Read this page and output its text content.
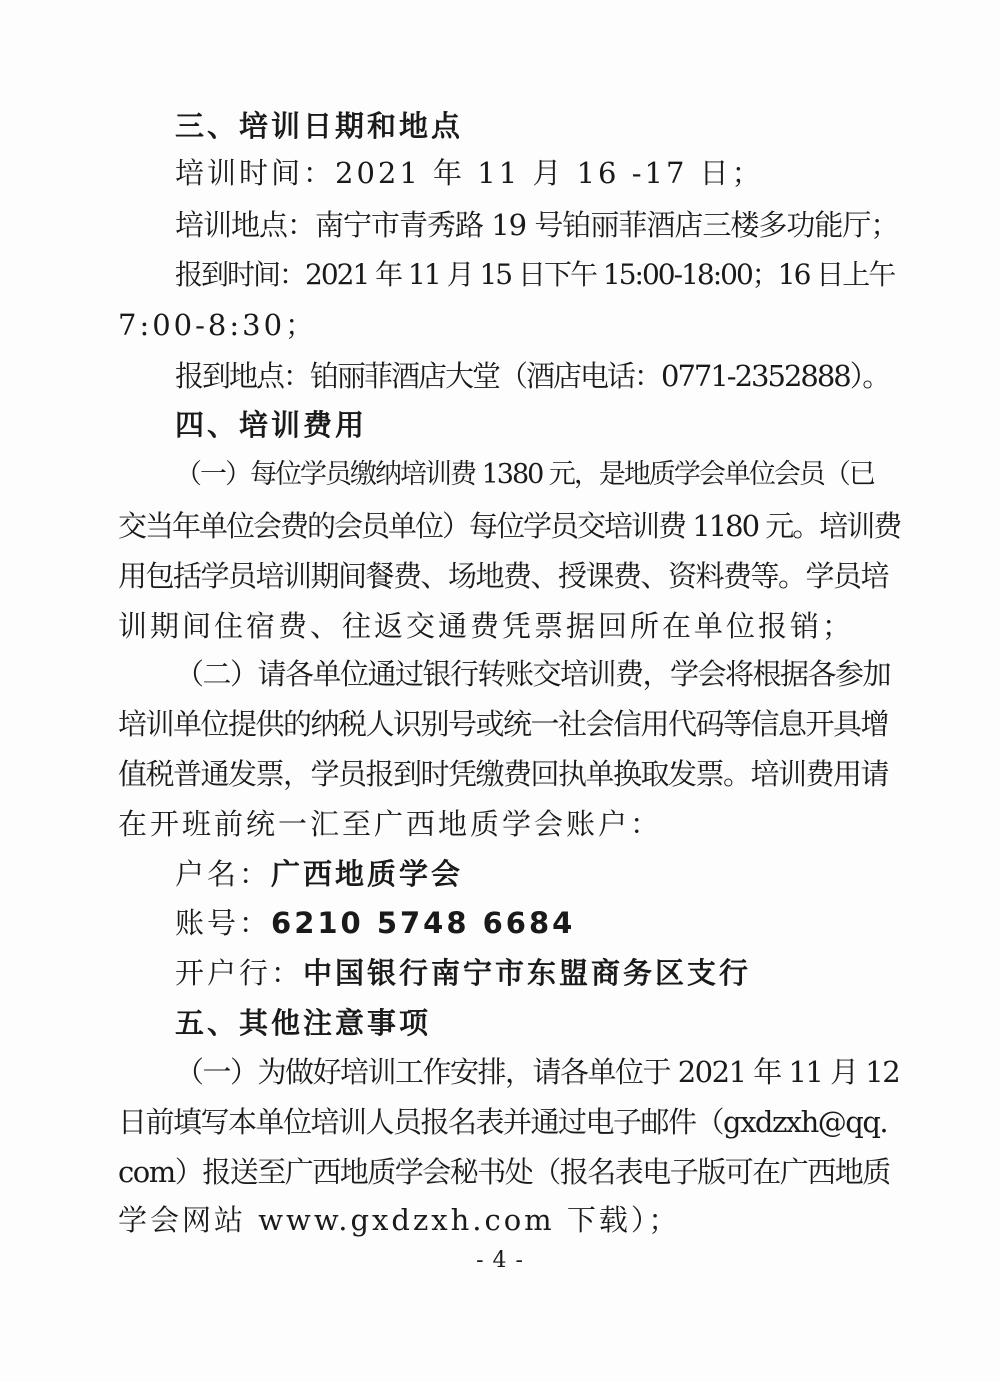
三、培训日期和地点
培训时间：2021 年 11 月 16 -17 日；
培训地点：南宁市青秀路 19 号铂丽菲酒店三楼多功能厅；
报到时间：2021 年 11 月 15 日下午 15:00-18:00；16 日上午
7:00-8:30；
报到地点：铂丽菲酒店大堂（酒店电话：0771-2352888）。
四、培训费用
（一）每位学员缴纳培训费 1380 元，是地质学会单位会员（已
交当年单位会费的会员单位）每位学员交培训费 1180 元。培训费
用包括学员培训期间餐费、场地费、授课费、资料费等。学员培
训期间住宿费、往返交通费凭票据回所在单位报销；
（二）请各单位通过银行转账交培训费，学会将根据各参加
培训单位提供的纳税人识别号或统一社会信用代码等信息开具增
值税普通发票，学员报到时凭缴费回执单换取发票。培训费用请
在开班前统一汇至广西地质学会账户：
户名：广西地质学会
账号：6210 5748 6684
开户行：中国银行南宁市东盟商务区支行
五、其他注意事项
（一）为做好培训工作安排，请各单位于 2021 年 11 月 12
日前填写本单位培训人员报名表并通过电子邮件（gxdzxh@qq.
com）报送至广西地质学会秘书处（报名表电子版可在广西地质
学会网站 www.gxdzxh.com 下载）；
- 4 -
